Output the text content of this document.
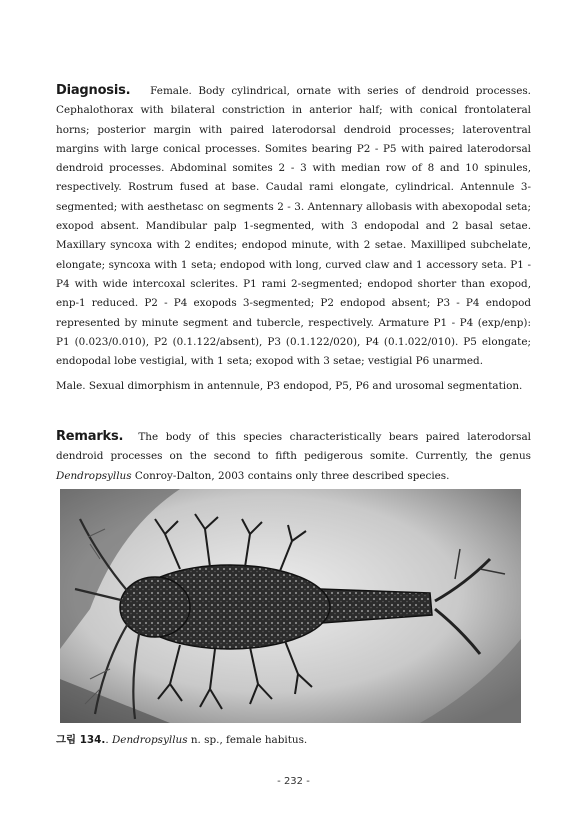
Diagnosis. Female. Body cylindrical, ornate with series of dendroid processes. Cephalothorax with bilateral constriction in anterior half; with conical frontolateral horns; posterior margin with paired laterodorsal dendroid processes; lateroventral margins with large conical processes. Somites bearing P2 - P5 with paired laterodorsal dendroid processes. Abdominal somites 2 - 3 with median row of 8 and 10 spinules, respectively. Rostrum fused at base. Caudal rami elongate, cylindrical. Antennule 3-segmented; with aesthetasc on segments 2 - 3. Antennary allobasis with abexopodal seta; exopod absent. Mandibular palp 1-segmented, with 3 endopodal and 2 basal setae. Maxillary syncoxa with 2 endites; endopod minute, with 2 setae. Maxilliped subchelate, elongate; syncoxa with 1 seta; endopod with long, curved claw and 1 accessory seta. P1 - P4 with wide intercoxal sclerites. P1 rami 2-segmented; endopod shorter than exopod, enp-1 reduced. P2 - P4 exopods 3-segmented; P2 endopod absent; P3 - P4 endopod represented by minute segment and tubercle, respectively. Armature P1 - P4 (exp/enp): P1 (0.023/0.010), P2 (0.1.122/absent), P3 (0.1.122/020), P4 (0.1.022/010). P5 elongate; endopodal lobe vestigial, with 1 seta; exopod with 3 setae; vestigial P6 unarmed.

Male. Sexual dimorphism in antennule, P3 endopod, P5, P6 and urosomal segmentation.

Remarks. The body of this species characteristically bears paired laterodorsal dendroid processes on the second to fifth pedigerous somite. Currently, the genus Dendropsyllus Conroy-Dalton, 2003 contains only three described species.

그림 134.. Dendropsyllus n. sp., female habitus.

- 232 -
